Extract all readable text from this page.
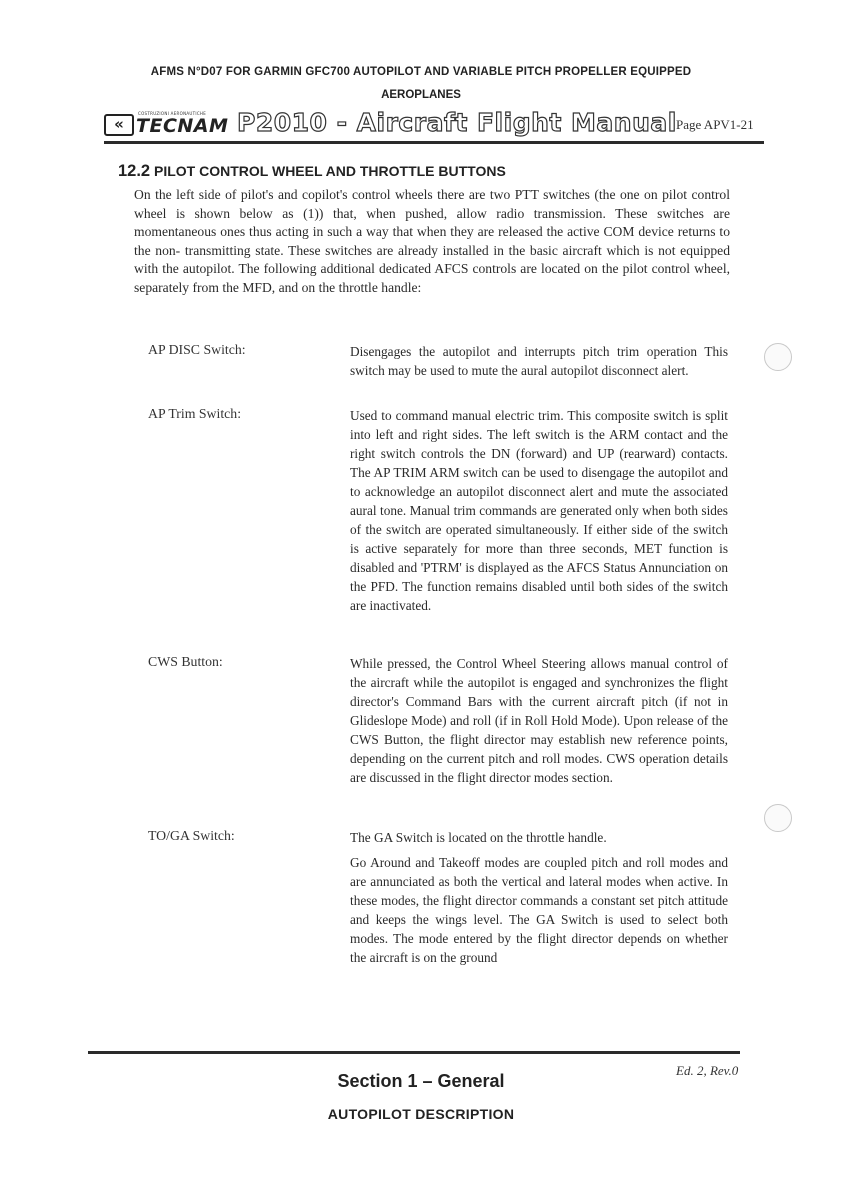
AFMS N°D07 FOR GARMIN GFC700 AUTOPILOT AND VARIABLE PITCH PROPELLER EQUIPPED
AEROPLANES
«
COSTRUZIONI AERONAUTICHE
TECNAM P2010 - Aircraft Flight Manual Page APV1-21
12.2 PILOT CONTROL WHEEL AND THROTTLE BUTTONS

On the left side of pilot's and copilot's control wheels there are two PTT switches (the one on pilot control wheel is shown below as (1)) that, when pushed, allow radio transmission. These switches are momentaneous ones thus acting in such a way that when they are released the active COM device returns to the non- transmitting state. These switches are already installed in the basic aircraft which is not equipped with the autopilot. The following additional dedicated AFCS controls are located on the pilot control wheel, separately from the MFD, and on the throttle handle:

AP DISC Switch:	Disengages the autopilot and interrupts pitch trim operation This switch may be used to mute the aural autopilot disconnect alert.

AP Trim Switch:	Used to command manual electric trim. This composite switch is split into left and right sides. The left switch is the ARM contact and the right switch controls the DN (forward) and UP (rearward) contacts. The AP TRIM ARM switch can be used to disengage the autopilot and to acknowledge an autopilot disconnect alert and mute the associated aural tone. Manual trim commands are generated only when both sides of the switch are operated simultaneously. If either side of the switch is active separately for more than three seconds, MET function is disabled and 'PTRM' is displayed as the AFCS Status Annunciation on the PFD. The function remains disabled until both sides of the switch are inactivated.

CWS Button:	While pressed, the Control Wheel Steering allows manual control of the aircraft while the autopilot is engaged and synchronizes the flight director's Command Bars with the current aircraft pitch (if not in Glideslope Mode) and roll (if in Roll Hold Mode). Upon release of the CWS Button, the flight director may establish new reference points, depending on the current pitch and roll modes. CWS operation details are discussed in the flight director modes section.

TO/GA Switch:	The GA Switch is located on the throttle handle.

Go Around and Takeoff modes are coupled pitch and roll modes and are annunciated as both the vertical and lateral modes when active. In these modes, the flight director commands a constant set pitch attitude and keeps the wings level. The GA Switch is used to select both modes. The mode entered by the flight director depends on whether the aircraft is on the ground

Ed. 2, Rev.0
Section 1 – General
AUTOPILOT DESCRIPTION
